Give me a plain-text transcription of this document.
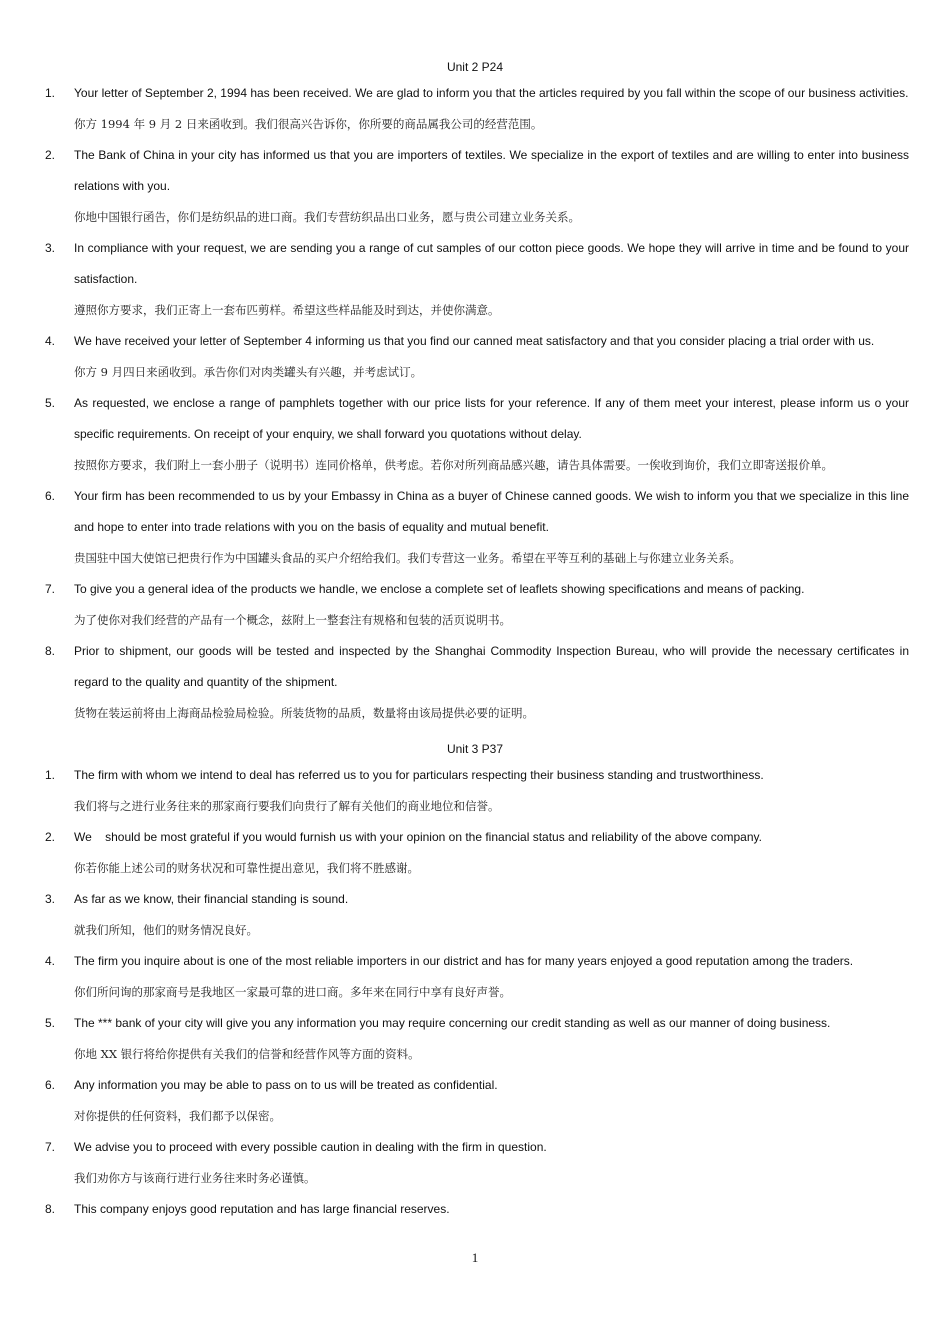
Unit 2 P24
1. Your letter of September 2, 1994 has been received. We are glad to inform you that the articles required by you fall within the scope of our business activities.
你方 1994 年 9 月 2 日来函收到。我们很高兴告诉你，你所要的商品属我公司的经营范围。
2. The Bank of China in your city has informed us that you are importers of textiles. We specialize in the export of textiles and are willing to enter into business relations with you.
你地中国银行函告，你们是纺织品的进口商。我们专营纺织品出口业务，愿与贵公司建立业务关系。
3. In compliance with your request, we are sending you a range of cut samples of our cotton piece goods. We hope they will arrive in time and be found to your satisfaction.
遵照你方要求，我们正寄上一套布匹剪样。希望这些样品能及时到达，并使你满意。
4. We have received your letter of September 4 informing us that you find our canned meat satisfactory and that you consider placing a trial order with us.
你方 9 月四日来函收到。承告你们对肉类罐头有兴趣，并考虑试订。
5. As requested, we enclose a range of pamphlets together with our price lists for your reference. If any of them meet your interest, please inform us o your specific requirements. On receipt of your enquiry, we shall forward you quotations without delay.
按照你方要求，我们附上一套小册子（说明书）连同价格单，供考虑。若你对所列商品感兴趣，请告具体需要。一俟收到询价，我们立即寄送报价单。
6. Your firm has been recommended to us by your Embassy in China as a buyer of Chinese canned goods. We wish to inform you that we specialize in this line and hope to enter into trade relations with you on the basis of equality and mutual benefit.
贵国驻中国大使馆已把贵行作为中国罐头食品的买户介绍给我们。我们专营这一业务。希望在平等互利的基础上与你建立业务关系。
7. To give you a general idea of the products we handle, we enclose a complete set of leaflets showing specifications and means of packing.
为了使你对我们经营的产品有一个概念，兹附上一整套注有规格和包装的活页说明书。
8. Prior to shipment, our goods will be tested and inspected by the Shanghai Commodity Inspection Bureau, who will provide the necessary certificates in regard to the quality and quantity of the shipment.
货物在装运前将由上海商品检验局检验。所装货物的品质，数量将由该局提供必要的证明。
Unit 3 P37
1. The firm with whom we intend to deal has referred us to you for particulars respecting their business standing and trustworthiness.
我们将与之进行业务往来的那家商行要我们向贵行了解有关他们的商业地位和信誉。
2. We    should be most grateful if you would furnish us with your opinion on the financial status and reliability of the above company.
你若你能上述公司的财务状况和可靠性提出意见，我们将不胜感谢。
3. As far as we know, their financial standing is sound.
就我们所知，他们的财务情况良好。
4. The firm you inquire about is one of the most reliable importers in our district and has for many years enjoyed a good reputation among the traders.
你们所问询的那家商号是我地区一家最可靠的进口商。多年来在同行中享有良好声誉。
5. The *** bank of your city will give you any information you may require concerning our credit standing as well as our manner of doing business.
你地 XX 银行将给你提供有关我们的信誉和经营作风等方面的资料。
6. Any information you may be able to pass on to us will be treated as confidential.
对你提供的任何资料，我们都予以保密。
7. We advise you to proceed with every possible caution in dealing with the firm in question.
我们劝你方与该商行进行业务往来时务必谨慎。
8. This company enjoys good reputation and has large financial reserves.
1
